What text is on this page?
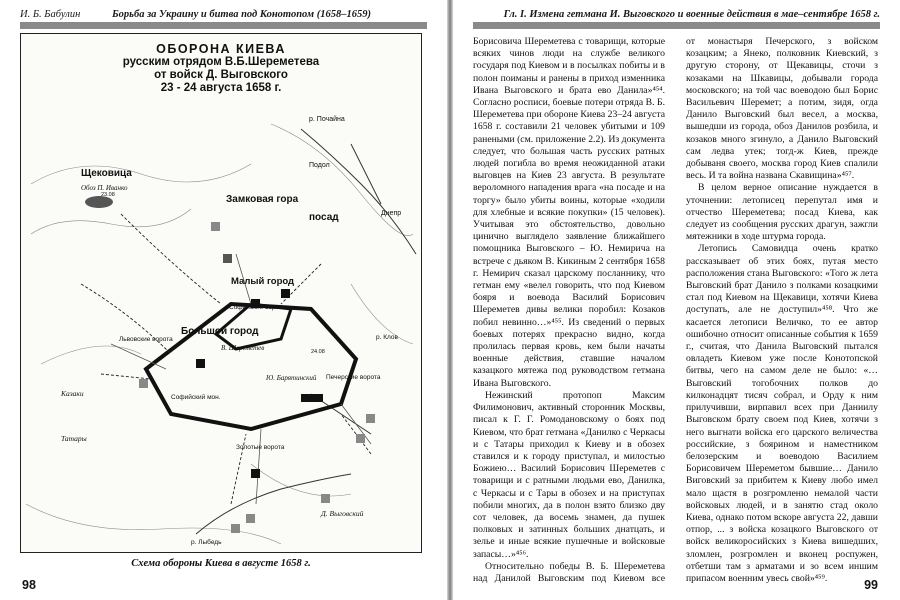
И. Б. Бабулин	Борьба за Украину и битва под Конотопом (1658–1659)
ОБОРОНА КИЕВА
русским отрядом В.Б.Шереметева
от войск Д. Выговского
23 - 24 августа 1658 г.
р. Почайна
Щековица
Обоз П. Иванко
Подол
Замковая гора
посад	Днепр
Малый город
Софийские ворота
Большой город
В. Шереметев
Ю. Барятинский
Львовские ворота
Софийский мон.
Печерские ворота
Казаки
Татары
р. Клов
р. Лыбедь
Золотые ворота
Д. Выговский
23.08
24.08
Схема обороны Киева в августе 1658 г.
98
Гл. I. Измена гетмана И. Выговского и военные действия в мае–сентябре 1658 г.

Борисовича Шереметева с товарищи, которые всяких чинов люди на службе великого государя под Киевом и в посылках побиты и в полон поиманы и ранены в приход изменника Ивана Выговского и брата ево Данила»⁴⁵⁴. Согласно росписи, боевые потери отряда В. Б. Шереметева при обороне Киева 23–24 августа 1658 г. составили 21 человек убитыми и 109 ранеными (см. приложение 2.2). Из документа следует, что большая часть русских ратных людей погибла во время неожиданной атаки выговцев на Киев 23 августа. В результате вероломного нападения врага «на посаде и на торгу» было убиты воины, которые «ходили для хлебные и всякие покупки» (15 человек). Учитывая это обстоятельство, довольно цинично выглядело заявление ближайшего помощника Выговского – Ю. Немирича на встрече с дьяком В. Кикиным 2 сентября 1658 г. Немирич сказал царскому посланнику, что гетман ему «велел говорить, что под Киевом бояря и воевода Василий Борисович Шереметев дивы велики поробил: Козаков побил невинно…»⁴⁵⁵. Из сведений о первых боевых потерях прекрасно видно, когда пролилась первая кровь, кем были начаты военные действия, ставшие началом казацкого мятежа под руководством гетмана Ивана Выговского.

Нежинский протопоп Максим Филимонович, активный сторонник Москвы, писал к Г. Г. Ромодановскому о боях под Киевом, что брат гетмана «Данилко с Черкасы и с Татары приходил к Киеву и в обозех ставился и к городу приступал, и милостью Божиею… Василий Борисович Шереметев с товарищи и с ратными людьми ево, Данилка, с Черкасы и с Тары в обозех и на приступах побили многих, да в полон взято близко дву сот человек, да восемь знамен, да пушек полковых и затинных больших днатцать, и зелье и иные всякие пушечные и войсковые запасы…»⁴⁵⁶.

Относительно победы В. Б. Шереметева над Данилой Выговским под Киевом все

от монастыря Печерского, з войском козацким; а Янеко, полковник Киевский, з другую сторону, от Щекавицы, сточи з козаками на Шкавицы, добывали города московского; на той час воеводою был Борис Васильевич Шеремет; а потим, зидя, огда Данило Выговский был весел, а москва, вышедши из города, обоз Данилов розбила, и козаков много згинуло, а Данило Выговский сам ледва утек; тогд-ж Киев, прежде добываня своего, москва город Киев спалили весь. И та война названа Скавищина»⁴⁵⁷.

В целом верное описание нуждается в уточнении: летописец перепутал имя и отчество Шереметева; посад Киева, как следует из сообщения русских драгун, зажгли мятежники в ходе штурма города.

Летопись Самовидца очень кратко рассказывает об этих боях, путая место расположения стана Выговского: «Того ж лета Выговский брат Данило з полками козацкими стал под Киевом на Щекавици, хотячи Киева доступать, але не доступил»⁴⁵⁸. Что же касается летописи Величко, то ее автор ошибочно относит описанные события к 1659 г., считая, что Данила Выговский пытался овладеть Киевом уже после Конотопской битвы, чего на самом деле не было: «…Выговский тогобочних полков до килконадцят тисяч собрал, и Орду к ним прилучивши, вирпавил всех при Даниилу Выговском брату своем под Киев, хотячи з него выгнати войска его царского величества российские, з боярином и наместником белозерским и воеводою Василием Борисовичем Шереметом бывшие… Данило Виговский за прибитем к Киеву любо имел мало щастя в розгромленю немалой части войсковых людей, и в занятю стад около Киева, однако потом вскоре августа 22, давши отпор, ... з войска козацкого Выговского от войск великоросийских з Киева вишедших, зломлен, розгромлен и вконец роспужен, отбетши там з арматами и зо всем иншим припасом военним увесь свой»⁴⁵⁹.	99
